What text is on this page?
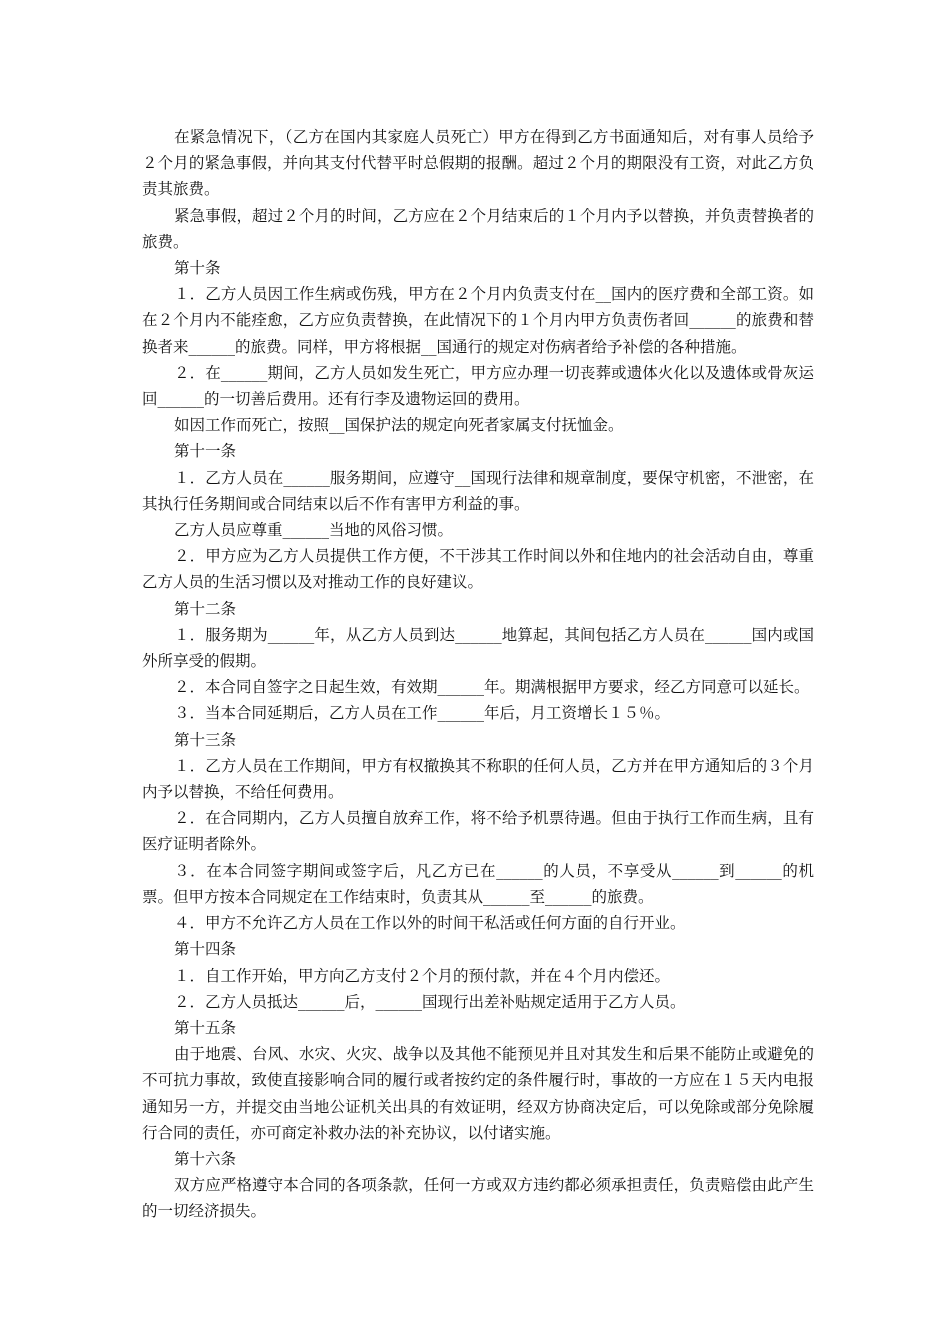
在紧急情况下，（乙方在国内其家庭人员死亡）甲方在得到乙方书面通知后，对有事人员给予２个月的紧急事假，并向其支付代替平时总假期的报酬。超过２个月的期限没有工资，对此乙方负责其旅费。

紧急事假，超过２个月的时间，乙方应在２个月结束后的１个月内予以替换，并负责替换者的旅费。

第十条

１．乙方人员因工作生病或伤残，甲方在２个月内负责支付在__国内的医疗费和全部工资。如在２个月内不能痊愈，乙方应负责替换，在此情况下的１个月内甲方负责伤者回______的旅费和替换者来______的旅费。同样，甲方将根据__国通行的规定对伤病者给予补偿的各种措施。

２．在______期间，乙方人员如发生死亡，甲方应办理一切丧葬或遗体火化以及遗体或骨灰运回______的一切善后费用。还有行李及遗物运回的费用。

如因工作而死亡，按照__国保护法的规定向死者家属支付抚恤金。

第十一条

１．乙方人员在______服务期间，应遵守__国现行法律和规章制度，要保守机密，不泄密，在其执行任务期间或合同结束以后不作有害甲方利益的事。

乙方人员应尊重______当地的风俗习惯。

２．甲方应为乙方人员提供工作方便，不干涉其工作时间以外和住地内的社会活动自由，尊重乙方人员的生活习惯以及对推动工作的良好建议。

第十二条

１．服务期为______年，从乙方人员到达______地算起，其间包括乙方人员在______国内或国外所享受的假期。

２．本合同自签字之日起生效，有效期______年。期满根据甲方要求，经乙方同意可以延长。

３．当本合同延期后，乙方人员在工作______年后，月工资增长１５％。

第十三条

１．乙方人员在工作期间，甲方有权撤换其不称职的任何人员，乙方并在甲方通知后的３个月内予以替换，不给任何费用。

２．在合同期内，乙方人员擅自放弃工作，将不给予机票待遇。但由于执行工作而生病，且有医疗证明者除外。

３．在本合同签字期间或签字后，凡乙方已在______的人员，不享受从______到______的机票。但甲方按本合同规定在工作结束时，负责其从______至______的旅费。

４．甲方不允许乙方人员在工作以外的时间干私活或任何方面的自行开业。

第十四条

１．自工作开始，甲方向乙方支付２个月的预付款，并在４个月内偿还。

２．乙方人员抵达______后，______国现行出差补贴规定适用于乙方人员。

第十五条

由于地震、台风、水灾、火灾、战争以及其他不能预见并且对其发生和后果不能防止或避免的不可抗力事故，致使直接影响合同的履行或者按约定的条件履行时，事故的一方应在１５天内电报通知另一方，并提交由当地公证机关出具的有效证明，经双方协商决定后，可以免除或部分免除履行合同的责任，亦可商定补救办法的补充协议，以付诸实施。

第十六条

双方应严格遵守本合同的各项条款，任何一方或双方违约都必须承担责任，负责赔偿由此产生的一切经济损失。
